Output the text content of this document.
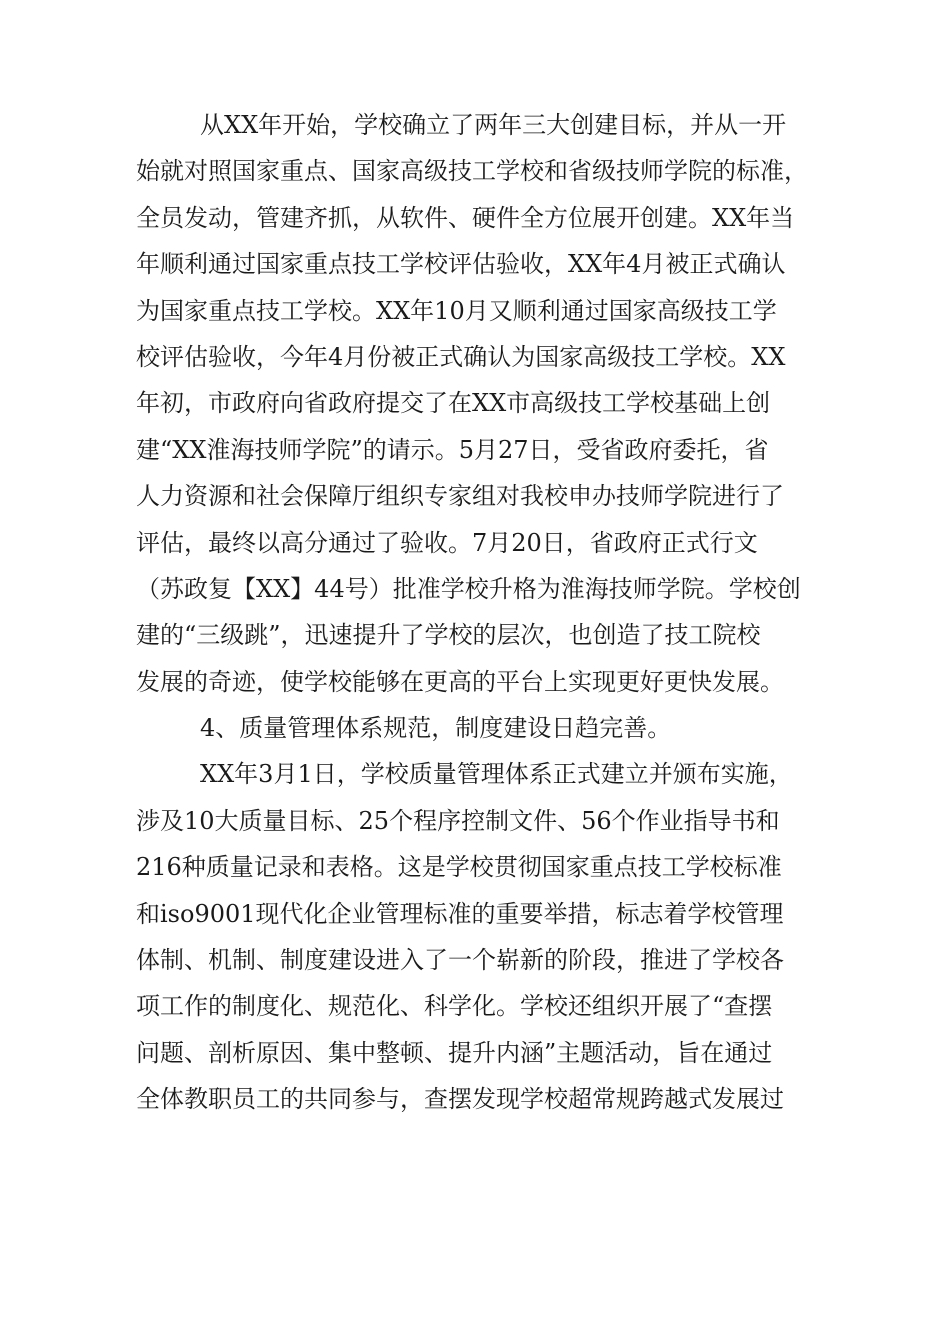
从XX年开始，学校确立了两年三大创建目标，并从一开
始就对照国家重点、国家高级技工学校和省级技师学院的标准，
全员发动，管建齐抓，从软件、硬件全方位展开创建。XX年当
年顺利通过国家重点技工学校评估验收，XX年4月被正式确认
为国家重点技工学校。XX年10月又顺利通过国家高级技工学
校评估验收，今年4月份被正式确认为国家高级技工学校。XX
年初，市政府向省政府提交了在XX市高级技工学校基础上创
建“XX淮海技师学院”的请示。5月27日，受省政府委托，省
人力资源和社会保障厅组织专家组对我校申办技师学院进行了
评估，最终以高分通过了验收。7月20日，省政府正式行文
（苏政复【XX】44号）批准学校升格为淮海技师学院。学校创
建的“三级跳”，迅速提升了学校的层次，也创造了技工院校
发展的奇迹，使学校能够在更高的平台上实现更好更快发展。
4、质量管理体系规范，制度建设日趋完善。
XX年3月1日，学校质量管理体系正式建立并颁布实施，
涉及10大质量目标、25个程序控制文件、56个作业指导书和
216种质量记录和表格。这是学校贯彻国家重点技工学校标准
和iso9001现代化企业管理标准的重要举措，标志着学校管理
体制、机制、制度建设进入了一个崭新的阶段，推进了学校各
项工作的制度化、规范化、科学化。学校还组织开展了“查摆
问题、剖析原因、集中整顿、提升内涵”主题活动，旨在通过
全体教职员工的共同参与，查摆发现学校超常规跨越式发展过
